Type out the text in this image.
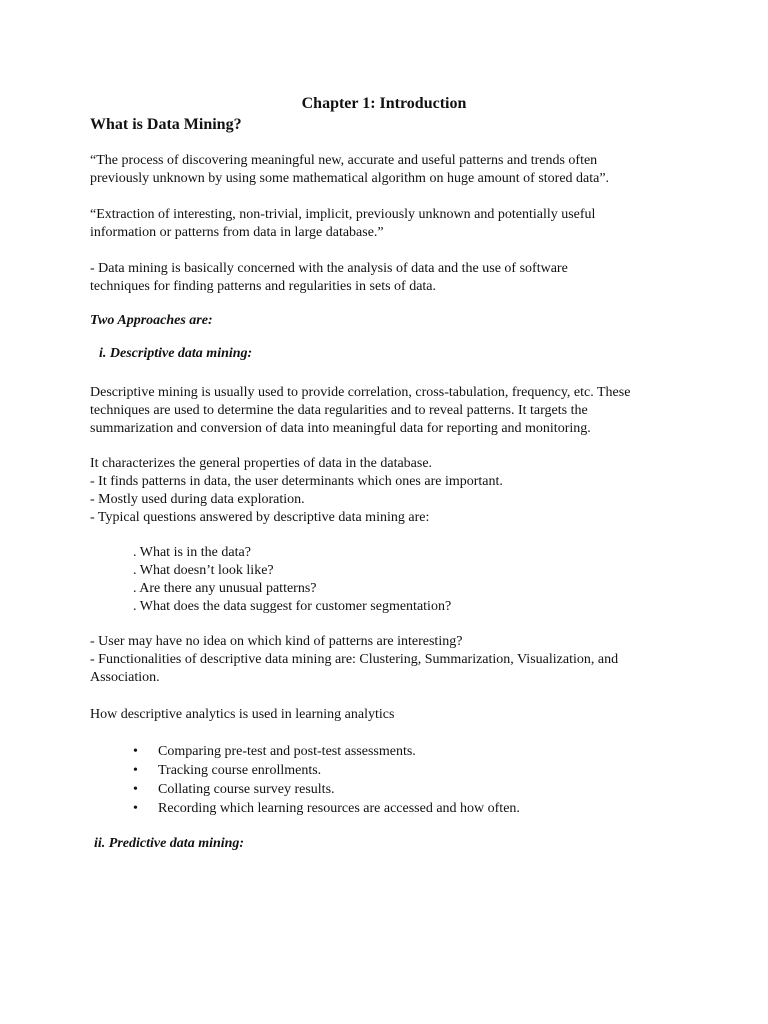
Chapter 1: Introduction
What is Data Mining?

“The process of discovering meaningful new, accurate and useful patterns and trends often
previously unknown by using some mathematical algorithm on huge amount of stored data”.

“Extraction of interesting, non-trivial, implicit, previously unknown and potentially useful
information or patterns from data in large database.”

- Data mining is basically concerned with the analysis of data and the use of software
techniques for finding patterns and regularities in sets of data.

Two Approaches are:

i. Descriptive data mining:

Descriptive mining is usually used to provide correlation, cross-tabulation, frequency, etc. These
techniques are used to determine the data regularities and to reveal patterns. It targets the
summarization and conversion of data into meaningful data for reporting and monitoring.

It characterizes the general properties of data in the database.
- It finds patterns in data, the user determinants which ones are important.
- Mostly used during data exploration.
- Typical questions answered by descriptive data mining are:

. What is in the data?
. What doesn’t look like?
. Are there any unusual patterns?
. What does the data suggest for customer segmentation?

- User may have no idea on which kind of patterns are interesting?
- Functionalities of descriptive data mining are: Clustering, Summarization, Visualization, and
Association.

How descriptive analytics is used in learning analytics

• Comparing pre-test and post-test assessments.
• Tracking course enrollments.
• Collating course survey results.
• Recording which learning resources are accessed and how often.

ii. Predictive data mining:
